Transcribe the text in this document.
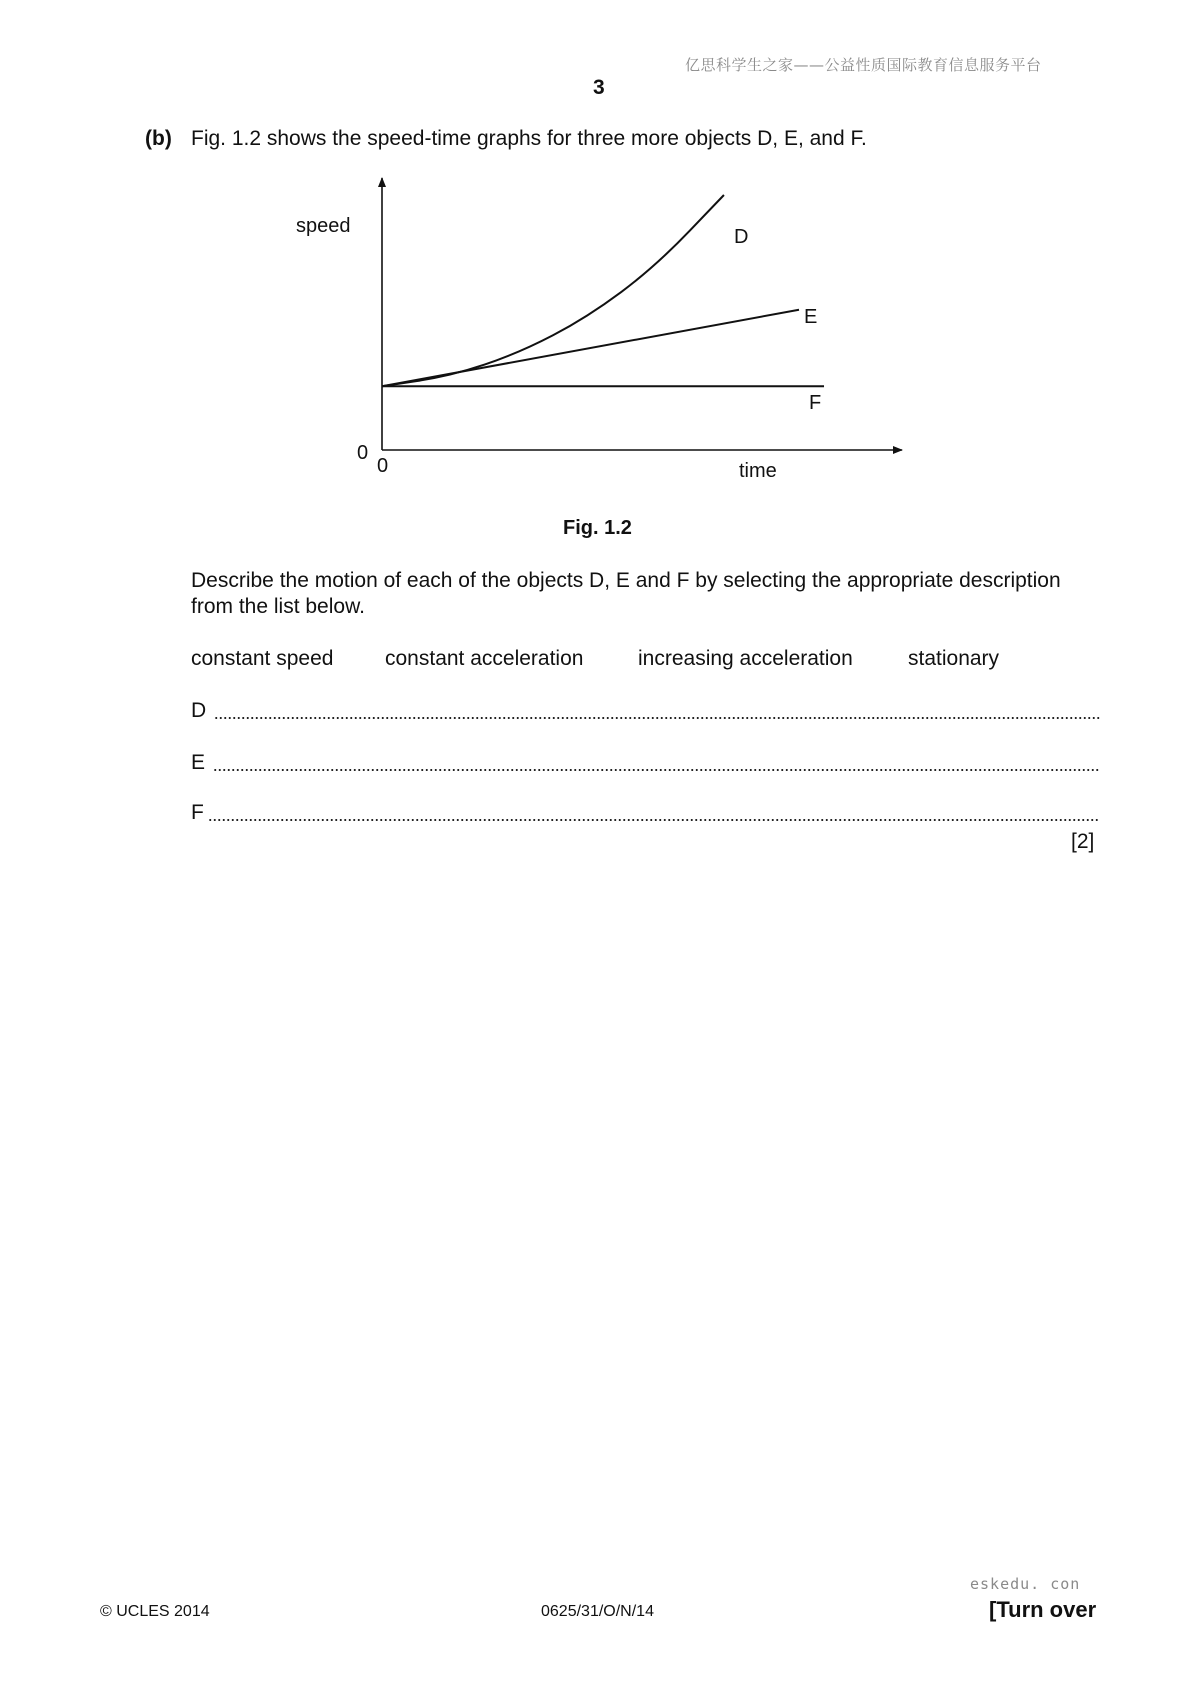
亿思科学生之家——公益性质国际教育信息服务平台
3
(b) Fig. 1.2 shows the speed-time graphs for three more objects D, E, and F.
speed
time
0
0
D
E
F
Fig. 1.2
Describe the motion of each of the objects D, E and F by selecting the appropriate description
from the list below.
constant speed constant acceleration	increasing acceleration	stationary
D
E
F
[2]
© UCLES 2014	0625/31/O/N/14
eskedu. con
[Turn over
